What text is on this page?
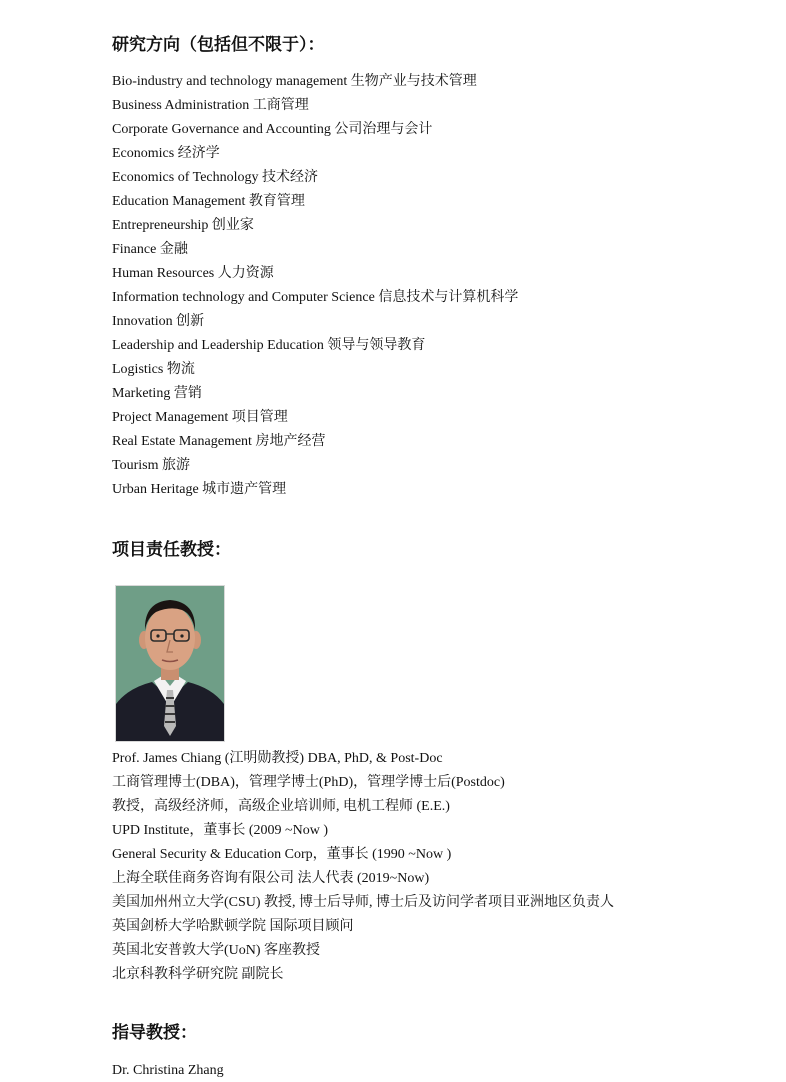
研究方向（包括但不限于）：
Bio-industry and technology management 生物产业与技术管理
Business Administration 工商管理
Corporate Governance and Accounting 公司治理与会计
Economics 经济学
Economics of Technology 技术经济
Education Management 教育管理
Entrepreneurship 创业家
Finance 金融
Human Resources 人力资源
Information technology and Computer Science 信息技术与计算机科学
Innovation 创新
Leadership and Leadership Education 领导与领导教育
Logistics 物流
Marketing 营销
Project Management 项目管理
Real Estate Management 房地产经营
Tourism 旅游
Urban Heritage 城市遗产管理
项目责任教授：
Prof. James Chiang (江明勋教授) DBA, PhD, & Post-Doc
工商管理博士(DBA)，管理学博士(PhD)，管理学博士后(Postdoc)
教授，高级经济师，高级企业培训师, 电机工程师 (E.E.)
UPD Institute，董事长 (2009 ~Now )
General Security & Education Corp，董事长 (1990 ~Now )
上海全联佳商务咨询有限公司 法人代表 (2019~Now)
美国加州州立大学(CSU) 教授, 博士后导师, 博士后及访问学者项目亚洲地区负责人
英国剑桥大学哈默顿学院 国际项目顾问
英国北安普敦大学(UoN) 客座教授
北京科教科学研究院 副院长
指导教授：
Dr. Christina Zhang
